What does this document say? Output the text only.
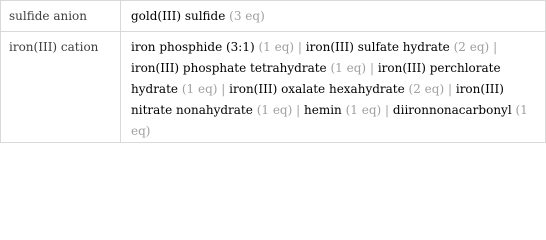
sulfide anion	gold(III) sulfide (3 eq)
iron(III) cation	iron phosphide (3:1) (1 eq) | iron(III) sulfate hydrate (2 eq) | iron(III) phosphate tetrahydrate (1 eq) | iron(III) perchlorate hydrate (1 eq) | iron(III) oxalate hexahydrate (2 eq) | iron(III) nitrate nonahydrate (1 eq) | hemin (1 eq) | diironnonacarbonyl (1 eq)
